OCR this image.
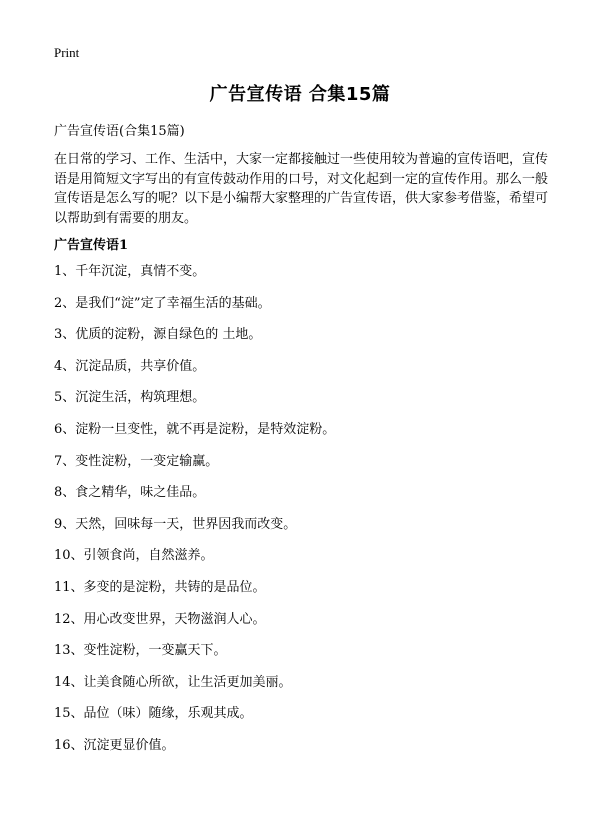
Print
广告宣传语 合集15篇
广告宣传语(合集15篇)

在日常的学习、工作、生活中，大家一定都接触过一些使用较为普遍的宣传语吧，宣传语是用简短文字写出的有宣传鼓动作用的口号，对文化起到一定的宣传作用。那么一般宣传语是怎么写的呢？以下是小编帮大家整理的广告宣传语，供大家参考借鉴，希望可以帮助到有需要的朋友。

广告宣传语1
1、千年沉淀，真情不变。
2、是我们“淀”定了幸福生活的基础。
3、优质的淀粉，源自绿色的 土地。
4、沉淀品质，共享价值。
5、沉淀生活，构筑理想。
6、淀粉一旦变性，就不再是淀粉，是特效淀粉。
7、变性淀粉，一变定输赢。
8、食之精华，味之佳品。
9、天然，回味每一天，世界因我而改变。
10、引领食尚，自然滋养。
11、多变的是淀粉，共铸的是品位。
12、用心改变世界，天物滋润人心。
13、变性淀粉，一变赢天下。
14、让美食随心所欲，让生活更加美丽。
15、品位（味）随缘，乐观其成。
16、沉淀更显价值。
